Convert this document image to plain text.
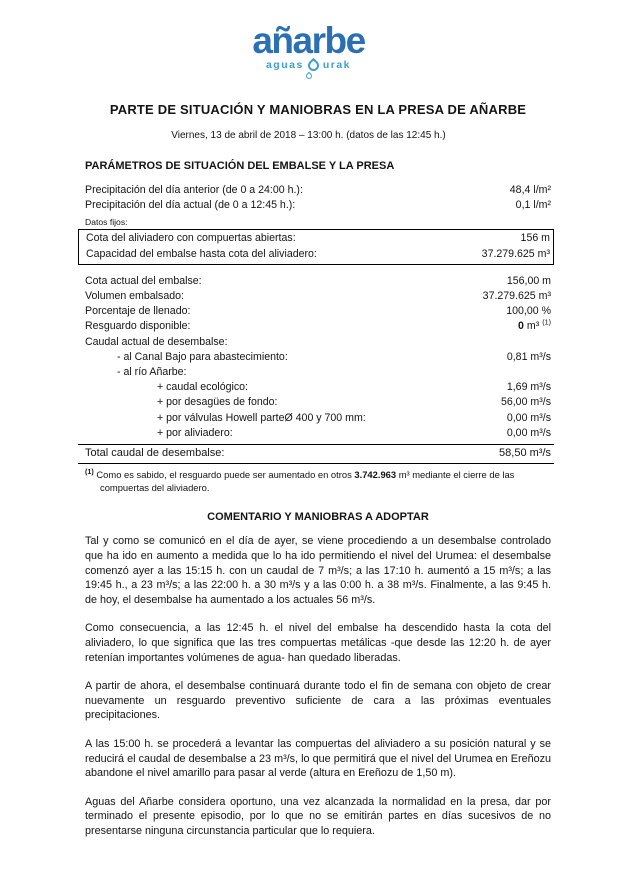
añarbe
aguas urak
PARTE DE SITUACIÓN Y MANIOBRAS EN LA PRESA DE AÑARBE
Viernes, 13 de abril de 2018 – 13:00 h. (datos de las 12:45 h.)
PARÁMETROS DE SITUACIÓN DEL EMBALSE Y LA PRESA
Precipitación del día anterior (de 0 a 24:00 h.):	48,4 l/m²
Precipitación del día actual (de 0 a 12:45 h.):	0,1 l/m²
Datos fijos:
Cota del aliviadero con compuertas abiertas:	156 m
Capacidad del embalse hasta cota del aliviadero:	37.279.625 m³
Cota actual del embalse:	156,00 m
Volumen embalsado:	37.279.625 m³
Porcentaje de llenado:	100,00 %
Resguardo disponible:	0 m³ $^{(1)}$
Caudal actual de desembalse:
- al Canal Bajo para abastecimiento:	0,81 m³/s
- al río Añarbe:
+ caudal ecológico:	1,69 m³/s
+ por desagües de fondo:	56,00 m³/s
+ por válvulas Howell parteØ 400 y 700 mm:	0,00 m³/s
+ por aliviadero:	0,00 m³/s
Total caudal de desembalse:	58,50 m³/s
$^{(1)}$ Como es sabido, el resguardo puede ser aumentado en otros 3.742.963 m³ mediante el cierre de las compuertas del aliviadero.
COMENTARIO Y MANIOBRAS A ADOPTAR

Tal y como se comunicó en el día de ayer, se viene procediendo a un desembalse controlado que ha ido en aumento a medida que lo ha ido permitiendo el nivel del Urumea: el desembalse comenzó ayer a las 15:15 h. con un caudal de 7 m³/s; a las 17:10 h. aumentó a 15 m³/s; a las 19:45 h., a 23 m³/s; a las 22:00 h. a 30 m³/s y a las 0:00 h. a 38 m³/s. Finalmente, a las 9:45 h. de hoy, el desembalse ha aumentado a los actuales 56 m³/s.

Como consecuencia, a las 12:45 h. el nivel del embalse ha descendido hasta la cota del aliviadero, lo que significa que las tres compuertas metálicas -que desde las 12:20 h. de ayer retenían importantes volúmenes de agua- han quedado liberadas.

A partir de ahora, el desembalse continuará durante todo el fin de semana con objeto de crear nuevamente un resguardo preventivo suficiente de cara a las próximas eventuales precipitaciones.

A las 15:00 h. se procederá a levantar las compuertas del aliviadero a su posición natural y se reducirá el caudal de desembalse a 23 m³/s, lo que permitirá que el nivel del Urumea en Ereñozu abandone el nivel amarillo para pasar al verde (altura en Ereñozu de 1,50 m).

Aguas del Añarbe considera oportuno, una vez alcanzada la normalidad en la presa, dar por terminado el presente episodio, por lo que no se emitirán partes en días sucesivos de no presentarse ninguna circunstancia particular que lo requiera.
